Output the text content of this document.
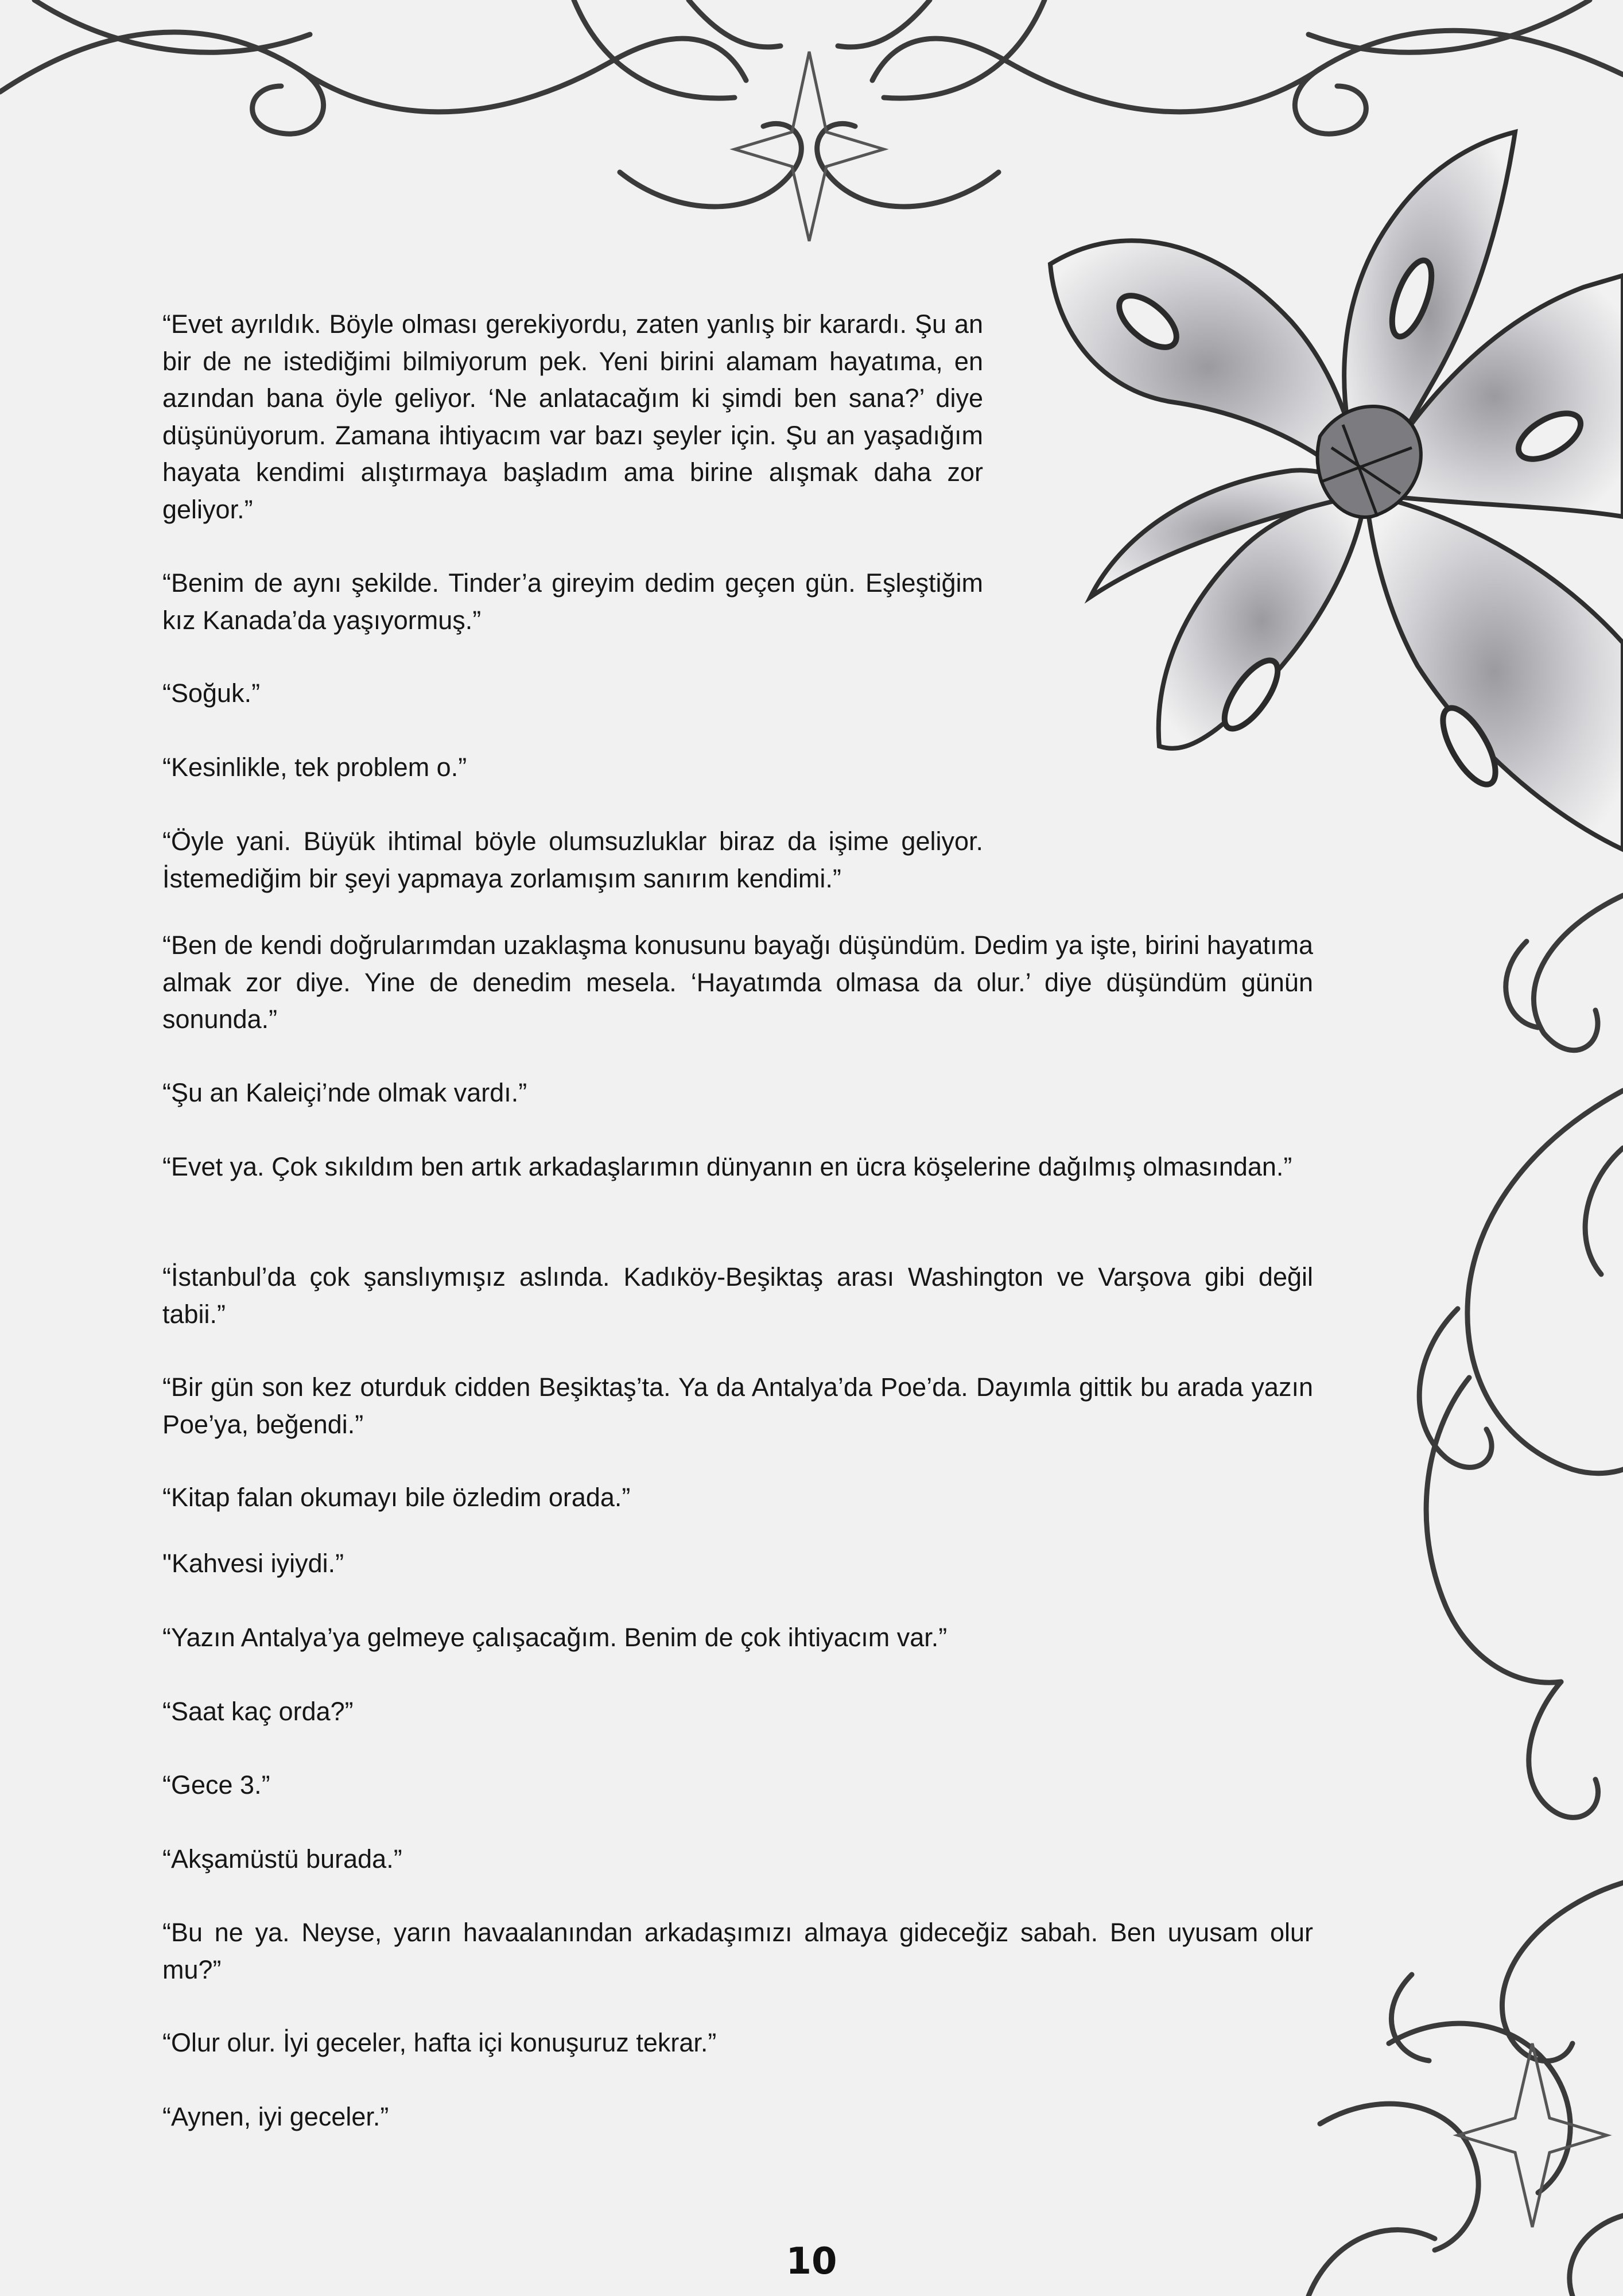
“Evet ayrıldık. Böyle olması gerekiyordu, zaten yanlış bir karardı. Şu an bir de ne istediğimi bilmiyorum pek. Yeni birini alamam hayatıma, en azından bana öyle geliyor. ‘Ne anlatacağım ki şimdi ben sana?’ diye düşünüyorum. Zamana ihtiyacım var bazı şeyler için. Şu an yaşadığım hayata kendimi alıştırmaya başladım ama birine alışmak daha zor geliyor.”

“Benim de aynı şekilde. Tinder’a gireyim dedim geçen gün. Eşleştiğim kız Kanada’da yaşıyormuş.”

“Soğuk.”

“Kesinlikle, tek problem o.”

“Öyle yani. Büyük ihtimal böyle olumsuzluklar biraz da işime geliyor. İstemediğim bir şeyi yapmaya zorlamışım sanırım kendimi.”

“Ben de kendi doğrularımdan uzaklaşma konusunu bayağı düşündüm. Dedim ya işte, birini hayatıma almak zor diye. Yine de denedim mesela. ‘Hayatımda olmasa da olur.’ diye düşündüm günün sonunda.”

“Şu an Kaleiçi’nde olmak vardı.”

“Evet ya. Çok sıkıldım ben artık arkadaşlarımın dünyanın en ücra köşelerine dağılmış olmasından.”

“İstanbul’da çok şanslıymışız aslında. Kadıköy-Beşiktaş arası Washington ve Varşova gibi değil tabii.”

“Bir gün son kez oturduk cidden Beşiktaş’ta. Ya da Antalya’da Poe’da. Dayımla gittik bu arada yazın Poe’ya, beğendi.”

“Kitap falan okumayı bile özledim orada.”

"Kahvesi iyiydi.”

“Yazın Antalya’ya gelmeye çalışacağım. Benim de çok ihtiyacım var.”

“Saat kaç orda?”

“Gece 3.”

“Akşamüstü burada.”

“Bu ne ya. Neyse, yarın havaalanından arkadaşımızı almaya gideceğiz sabah. Ben uyusam olur mu?”

“Olur olur. İyi geceler, hafta içi konuşuruz tekrar.”

“Aynen, iyi geceler.”

10
